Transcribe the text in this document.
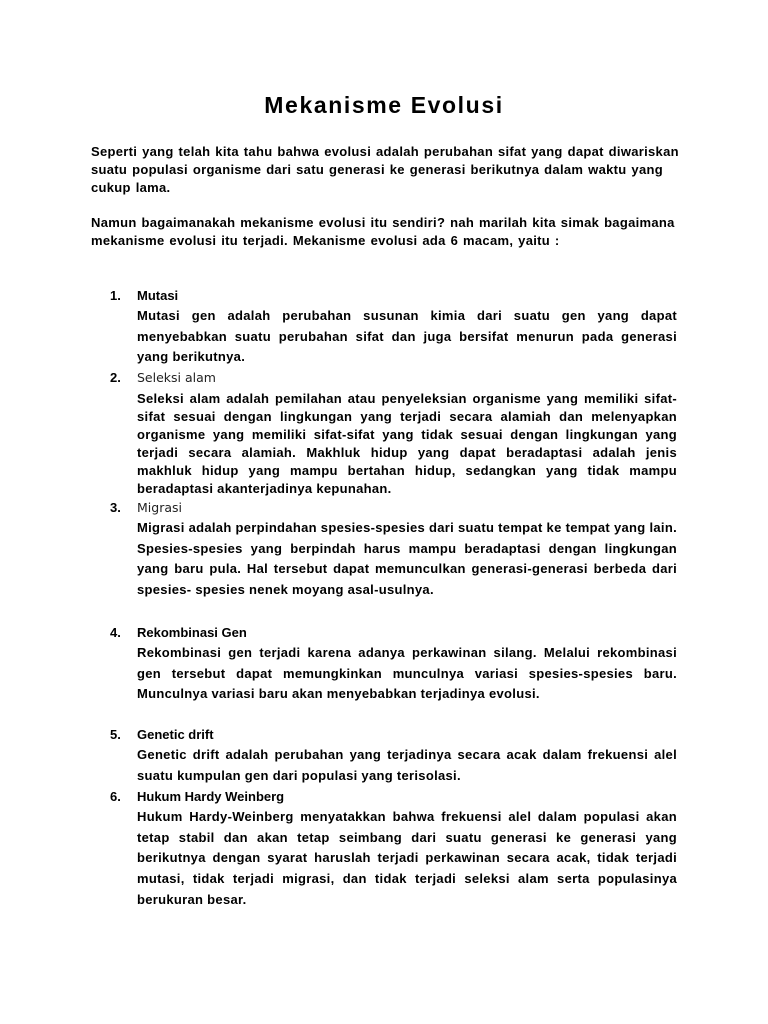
Mekanisme Evolusi

Seperti yang telah kita tahu bahwa evolusi adalah perubahan sifat yang dapat diwariskan suatu populasi organisme dari satu generasi ke generasi berikutnya dalam waktu yang cukup lama.

Namun bagaimanakah mekanisme evolusi itu sendiri? nah marilah kita simak bagaimana mekanisme evolusi itu terjadi. Mekanisme evolusi ada 6 macam, yaitu :

1. Mutasi

Mutasi gen adalah perubahan susunan kimia dari suatu gen yang dapat menyebabkan suatu perubahan sifat dan juga bersifat menurun pada generasi yang berikutnya.

2. Seleksi alam

Seleksi alam adalah pemilahan atau penyeleksian organisme yang memiliki sifat-sifat sesuai dengan lingkungan yang terjadi secara alamiah dan melenyapkan organisme yang memiliki sifat-sifat yang tidak sesuai dengan lingkungan yang terjadi secara alamiah. Makhluk hidup yang dapat beradaptasi adalah jenis makhluk hidup yang mampu bertahan hidup, sedangkan yang tidak mampu beradaptasi akanterjadinya kepunahan.

3. Migrasi

Migrasi adalah perpindahan spesies-spesies dari suatu tempat ke tempat yang lain. Spesies-spesies yang berpindah harus mampu beradaptasi dengan lingkungan yang baru pula. Hal tersebut dapat memunculkan generasi-generasi berbeda dari spesies- spesies nenek moyang asal-usulnya.

4. Rekombinasi Gen

Rekombinasi gen terjadi karena adanya perkawinan silang. Melalui rekombinasi gen tersebut dapat memungkinkan munculnya variasi spesies-spesies baru. Munculnya variasi baru akan menyebabkan terjadinya evolusi.

5. Genetic drift

Genetic drift adalah perubahan yang terjadinya secara acak dalam frekuensi alel suatu kumpulan gen dari populasi yang terisolasi.

6. Hukum Hardy Weinberg

Hukum Hardy-Weinberg menyatakkan bahwa frekuensi alel dalam populasi akan tetap stabil dan akan tetap seimbang dari suatu generasi ke generasi yang berikutnya dengan syarat haruslah terjadi perkawinan secara acak, tidak terjadi mutasi, tidak terjadi migrasi, dan tidak terjadi seleksi alam serta populasinya berukuran besar.
